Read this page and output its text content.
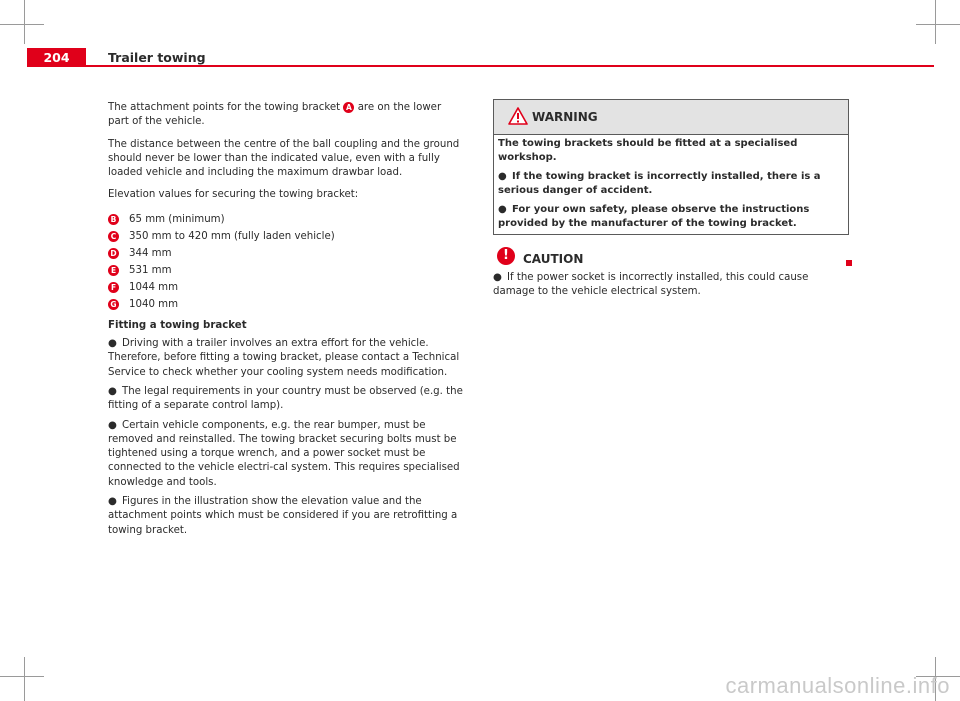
204	Trailer towing

The attachment points for the towing bracket A are on the lower part of the vehicle.

The distance between the centre of the ball coupling and the ground should never be lower than the indicated value, even with a fully loaded vehicle and including the maximum drawbar load.

Elevation values for securing the towing bracket:

B 65 mm (minimum)
C 350 mm to 420 mm (fully laden vehicle)
D 344 mm
E 531 mm
F 1044 mm
G 1040 mm

Fitting a towing bracket

● Driving with a trailer involves an extra effort for the vehicle. Therefore, before fitting a towing bracket, please contact a Technical Service to check whether your cooling system needs modification.

● The legal requirements in your country must be observed (e.g. the fitting of a separate control lamp).

● Certain vehicle components, e.g. the rear bumper, must be removed and reinstalled. The towing bracket securing bolts must be tightened using a torque wrench, and a power socket must be connected to the vehicle electri-cal system. This requires specialised knowledge and tools.

● Figures in the illustration show the elevation value and the attachment points which must be considered if you are retrofitting a towing bracket.

WARNING

The towing brackets should be fitted at a specialised workshop.

● If the towing bracket is incorrectly installed, there is a serious danger of accident.

● For your own safety, please observe the instructions provided by the manufacturer of the towing bracket.

!	CAUTION

● If the power socket is incorrectly installed, this could cause damage to the vehicle electrical system.

carmanualsonline.info
